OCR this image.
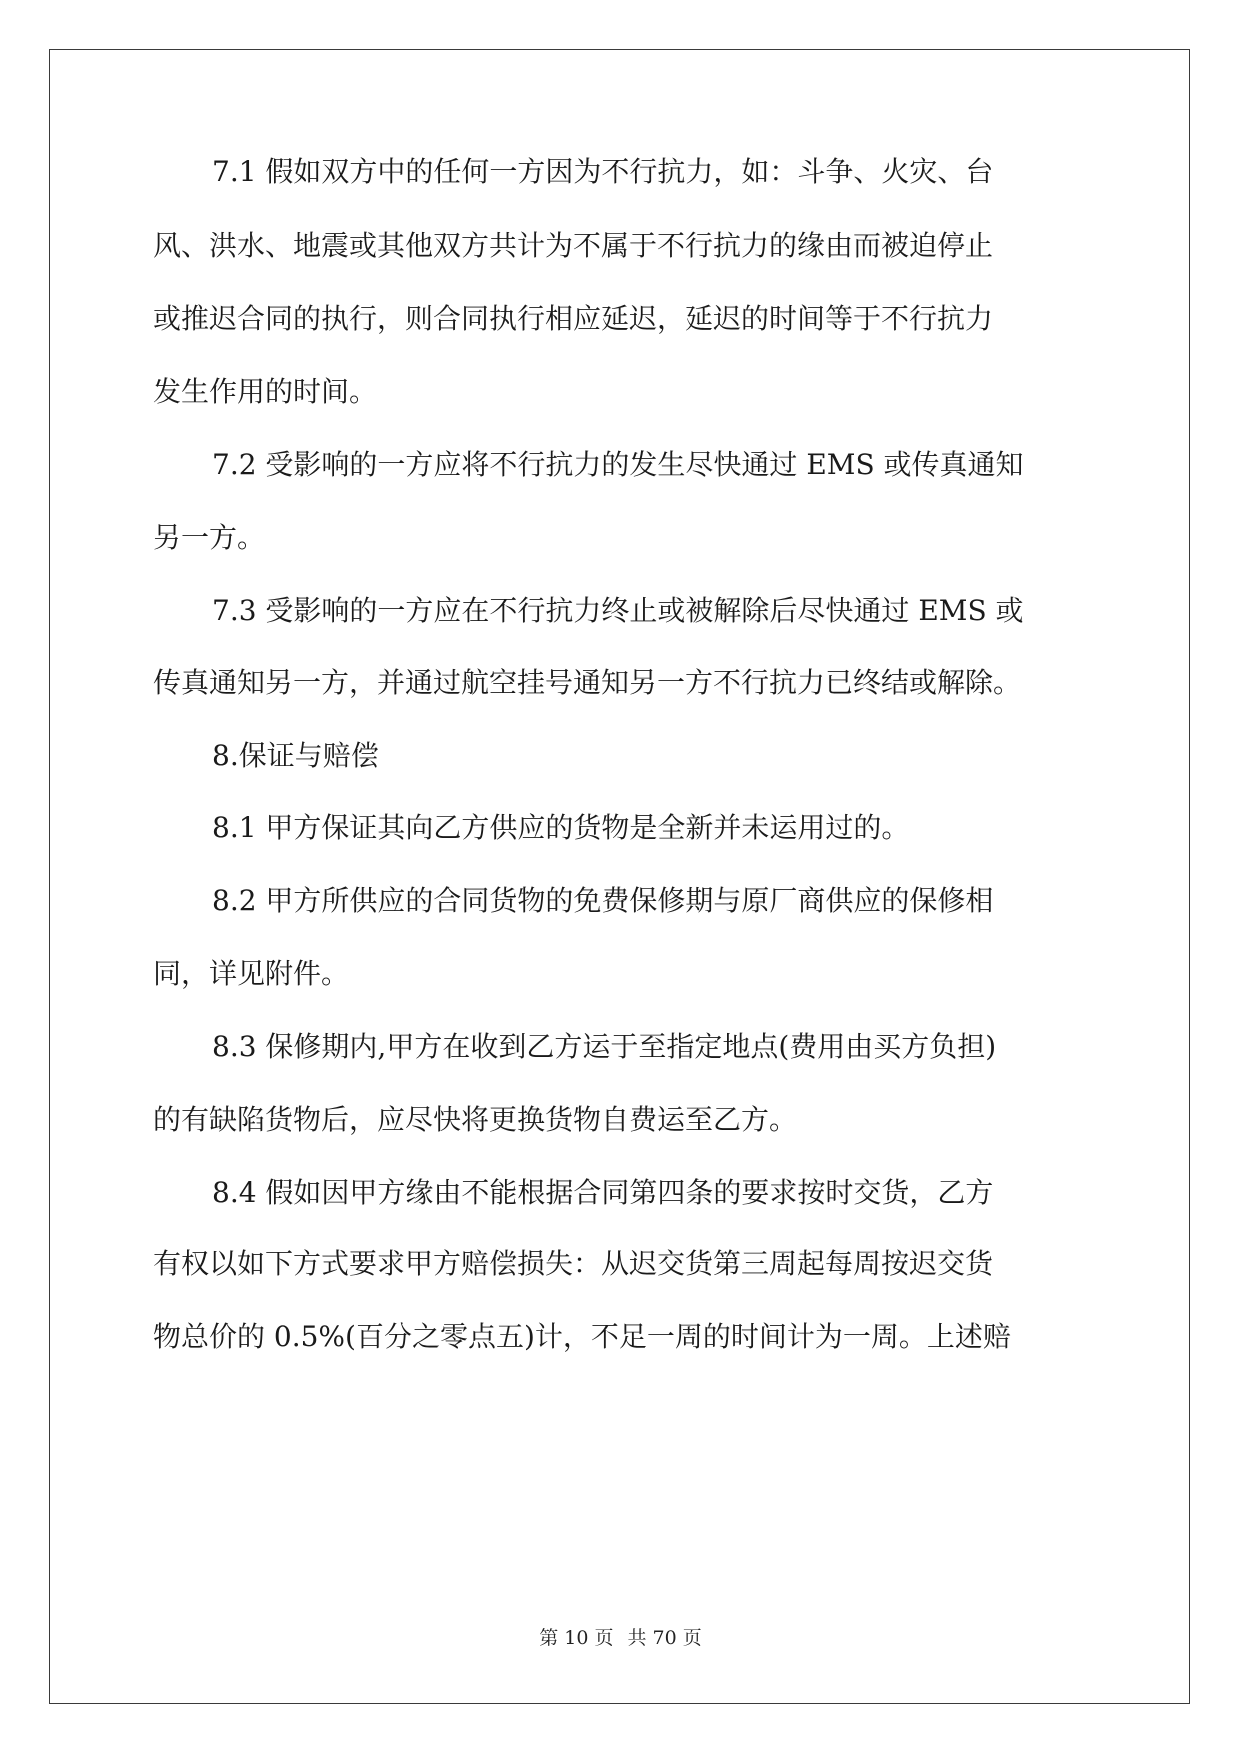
7.1 假如双方中的任何一方因为不行抗力，如：斗争、火灾、台
风、洪水、地震或其他双方共计为不属于不行抗力的缘由而被迫停止
或推迟合同的执行，则合同执行相应延迟，延迟的时间等于不行抗力
发生作用的时间。
7.2 受影响的一方应将不行抗力的发生尽快通过 EMS 或传真通知
另一方。
7.3 受影响的一方应在不行抗力终止或被解除后尽快通过 EMS 或
传真通知另一方，并通过航空挂号通知另一方不行抗力已终结或解除。
8.保证与赔偿
8.1 甲方保证其向乙方供应的货物是全新并未运用过的。
8.2 甲方所供应的合同货物的免费保修期与原厂商供应的保修相
同，详见附件。
8.3 保修期内,甲方在收到乙方运于至指定地点(费用由买方负担)
的有缺陷货物后，应尽快将更换货物自费运至乙方。
8.4 假如因甲方缘由不能根据合同第四条的要求按时交货，乙方
有权以如下方式要求甲方赔偿损失：从迟交货第三周起每周按迟交货
物总价的 0.5%(百分之零点五)计，不足一周的时间计为一周。上述赔
第 10 页 共 70 页
